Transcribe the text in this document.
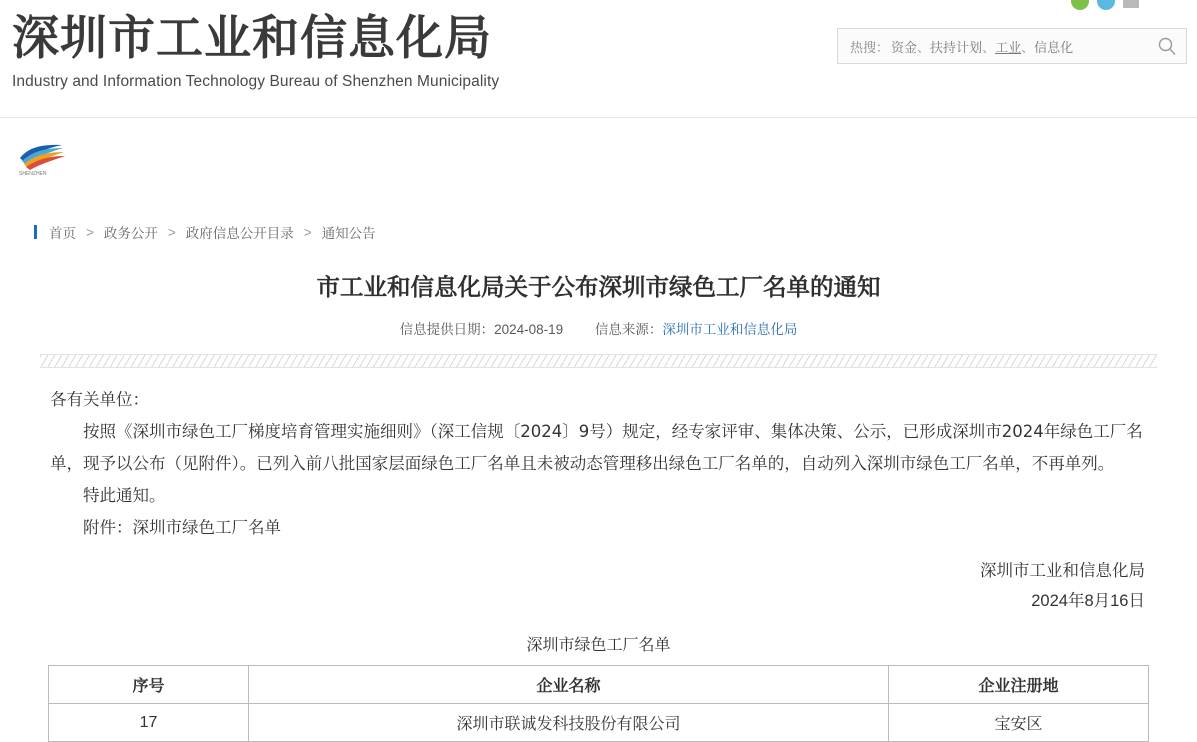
深圳市工业和信息化局
Industry and Information Technology Bureau of Shenzhen Municipality
热搜： 资金、扶持计划、工业、信息化
SHENZHEN
首页 > 政务公开 > 政府信息公开目录 > 通知公告
市工业和信息化局关于公布深圳市绿色工厂名单的通知
信息提供日期：2024-08-19 信息来源：深圳市工业和信息化局

各有关单位：

按照《深圳市绿色工厂梯度培育管理实施细则》（深工信规〔2024〕9号）规定，经专家评审、集体决策、公示，已形成深圳市2024年绿色工厂名单，现予以公布（见附件）。已列入前八批国家层面绿色工厂名单且未被动态管理移出绿色工厂名单的，自动列入深圳市绿色工厂名单，不再单列。

特此通知。

附件：深圳市绿色工厂名单

深圳市工业和信息化局
2024年8月16日
深圳市绿色工厂名单
序号	企业名称	企业注册地
17	深圳市联诚发科技股份有限公司	宝安区
